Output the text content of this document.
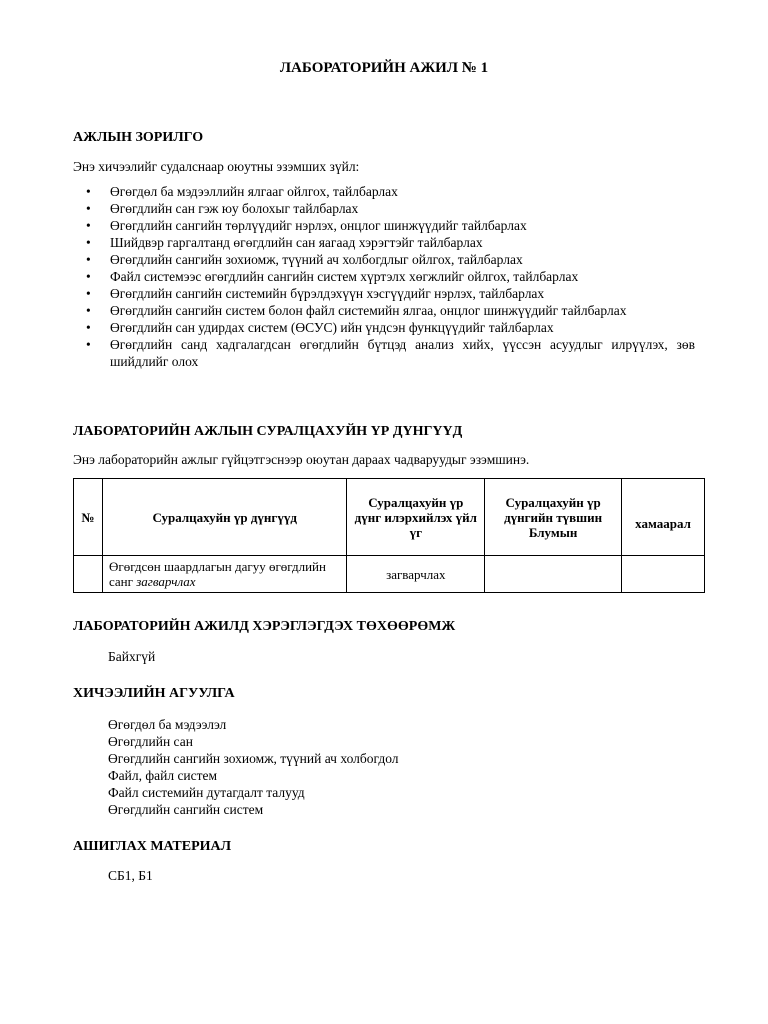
ЛАБОРАТОРИЙН АЖИЛ № 1
АЖЛЫН ЗОРИЛГО
Энэ хичээлийг судалснаар оюутны эзэмших зүйл:
• Өгөгдөл ба мэдээллийн ялгааг ойлгох, тайлбарлах
• Өгөгдлийн сан гэж юу болохыг тайлбарлах
• Өгөгдлийн сангийн төрлүүдийг нэрлэх, онцлог шинжүүдийг тайлбарлах
• Шийдвэр гаргалтанд өгөгдлийн сан яагаад хэрэгтэйг тайлбарлах
• Өгөгдлийн сангийн зохиомж, түүний ач холбогдлыг ойлгох, тайлбарлах
• Файл системээс өгөгдлийн сангийн систем хүртэлх хөгжлийг ойлгох, тайлбарлах
• Өгөгдлийн сангийн системийн бүрэлдэхүүн хэсгүүдийг нэрлэх, тайлбарлах
• Өгөгдлийн сангийн систем болон файл системийн ялгаа, онцлог шинжүүдийг тайлбарлах
• Өгөгдлийн сан удирдах систем (ӨСУС) ийн үндсэн функцүүдийг тайлбарлах
• Өгөгдлийн санд хадгалагдсан өгөгдлийн бүтцэд анализ хийх, үүссэн асуудлыг илрүүлэх, зөв шийдлийг олох
ЛАБОРАТОРИЙН АЖЛЫН СУРАЛЦАХУЙН ҮР ДҮНГҮҮД
Энэ лабораторийн ажлыг гүйцэтгэснээр оюутан дараах чадваруудыг эзэмшинэ.
№	Суралцахуйн үр дүнгүүд	Суралцахуйн үр дүнг илэрхийлэх үйл үг	Суралцахуйн үр дүнгийн түвшин Блумын	хамаарал
	Өгөгдсөн шаардлагын дагуу өгөгдлийн санг загварчлах	загварчлах		
ЛАБОРАТОРИЙН АЖИЛД ХЭРЭГЛЭГДЭХ ТӨХӨӨРӨМЖ
Байхгүй
ХИЧЭЭЛИЙН АГУУЛГА
Өгөгдөл ба мэдээлэл
Өгөгдлийн сан
Өгөгдлийн сангийн зохиомж, түүний ач холбогдол
Файл, файл систем
Файл системийн дутагдалт талууд
Өгөгдлийн сангийн систем
АШИГЛАХ МАТЕРИАЛ
СБ1, Б1
